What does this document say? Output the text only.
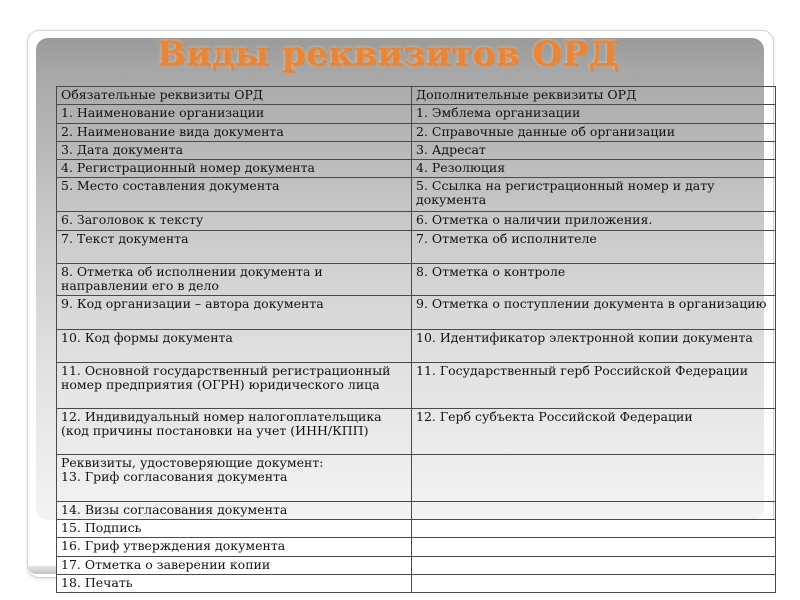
Виды реквизитов ОРД
Обязательные реквизиты ОРД	Дополнительные реквизиты ОРД
1. Наименование организации	1. Эмблема организации
2. Наименование вида документа	2. Справочные данные об организации
3. Дата документа	3. Адресат
4. Регистрационный номер документа	4. Резолюция
5. Место составления документа	5. Ссылка на регистрационный номер и дату документа
6. Заголовок к тексту	6. Отметка о наличии приложения.
7. Текст документа	7. Отметка об исполнителе
8. Отметка об исполнении документа и направлении его в дело	8. Отметка о контроле
9. Код организации – автора документа	9. Отметка о поступлении документа в организацию
10. Код формы документа	10. Идентификатор электронной копии документа
11. Основной государственный регистрационный номер предприятия (ОГРН) юридического лица	11. Государственный герб Российской Федерации
12. Индивидуальный номер налогоплательщика (код причины постановки на учет (ИНН/КПП)	12. Герб субъекта Российской Федерации
Реквизиты, удостоверяющие документ:
13. Гриф согласования документа	
14. Визы согласования документа	
15. Подпись	
16. Гриф утверждения документа	
17. Отметка о заверении копии	
18. Печать	
